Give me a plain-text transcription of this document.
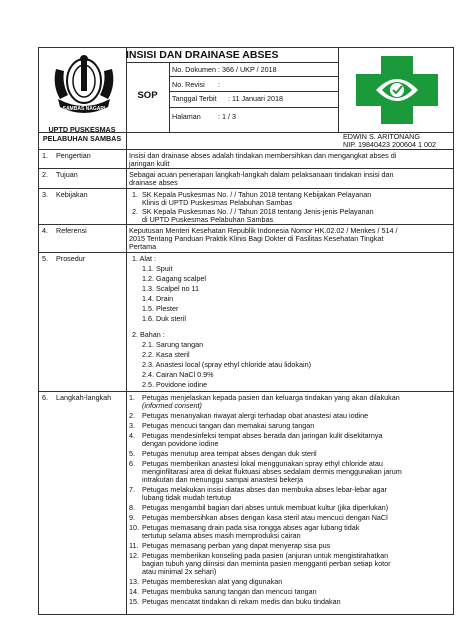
SAMBAS NAGARI
INSISI DAN DRAINASE ABSES
SOP
No. Dokumen : 366 / UKP / 2018
No. Revisi :
Tanggal Terbit : 11 Januari 2018
Halaman : 1 / 3
UPTD PUSKESMAS PELABUHAN SAMBAS	EDWIN S. ARITONANG
NIP. 19840423 200604 1 002
1. Pengertian	Insisi dan drainase abses adalah tindakan membersihkan dan mengangkat abses di
jaringan kulit
2. Tujuan	Sebagai acuan penerapan langkah-langkah dalam pelaksanaan tindakan insisi dan
drainase abses
3. Kebijakan	1. SK Kepala Puskesmas No. / / Tahun 2018 tentang Kebijakan Pelayanan
Klinis di UPTD Puskesmas Pelabuhan Sambas
2. SK Kepala Puskesmas No. / / Tahun 2018 tentang Jenis-jenis Pelayanan
di UPTD Puskesmas Pelabuhan Sambas
4. Referensi	Keputusan Menteri Kesehatan Republik Indonesia Nomor HK.02.02 / Menkes / 514 /
2015 Tentang Panduan Praktik Klinis Bagi Dokter di Fasilitas Kesehatan Tingkat
Pertama
5. Prosedur	1. Alat :
1.1. Spuit
1.2. Gagang scalpel
1.3. Scalpel no 11
1.4. Drain
1.5. Plester
1.6. Duk steril
2. Bahan :
2.1. Sarung tangan
2.2. Kasa steril
2.3. Anastesi local (spray ethyl chloride atau lidokain)
2.4. Cairan NaCl 0.9%
2.5. Povidone iodine
6. Langkah-langkah 1. Petugas menjelaskan kepada pasien dan keluarga tindakan yang akan dilakukan
(informed consent)
2. Petugas menanyakan riwayat alergi terhadap obat anastesi atau iodine
3. Petugas mencuci tangan dan memakai sarung tangan
4. Petugas mendesinfeksi tempat abses berada dan jaringan kulit disekitarnya
dengan povidone iodine
5. Petugas menutup area tempat abses dengan duk steril
6. Petugas memberikan anastesi lokal menggunakan spray ethyl chloride atau
menginfiltarasi area di dekat fluktuasi abses sedalam dermis menggunakan jarum
intrakutan dan menunggu sampai anastesi bekerja
7. Petugas melakukan insisi diatas abses dan membuka abses lebar-lebar agar
lubang tidak mudah tertutup
8. Petugas mengambil bagian dari abses untuk membuat kultur (jika diperlukan)
9. Petugas membersihkan abses dengan kasa steril atau mencuci dengan NaCl
10. Petugas memasang drain pada sisa rongga abses agar lubang tidak
tertutup selama abses masih memproduksi cairan
11. Petugas memasang perban yang dapat menyerap sisa pus
12. Petugas memberikan konseling pada pasien (anjuran untuk mengistirahatkan
bagian tubuh yang diinsisi dan meminta pasien mengganti perban setiap kotor
atau minimal 2x sehari)
13. Petugas membereskan alat yang digunakan
14. Petugas membuka sarung tangan dan mencuci tangan
15. Petugas mencatat tindakan di rekam medis dan buku tindakan
